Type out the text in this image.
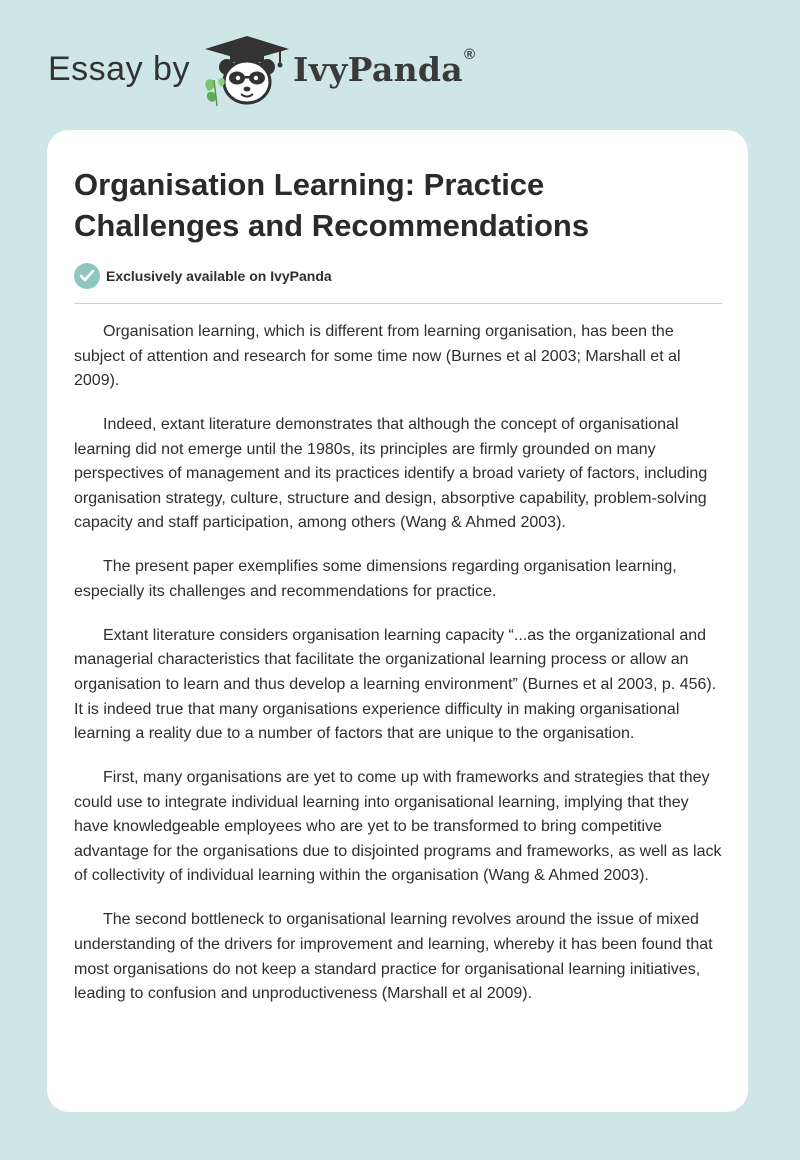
Essay by	IvyPanda®
Organisation Learning: Practice Challenges and Recommendations
Exclusively available on IvyPanda

Organisation learning, which is different from learning organisation, has been the subject of attention and research for some time now (Burnes et al 2003; Marshall et al 2009).

Indeed, extant literature demonstrates that although the concept of organisational learning did not emerge until the 1980s, its principles are firmly grounded on many perspectives of management and its practices identify a broad variety of factors, including organisation strategy, culture, structure and design, absorptive capability, problem-solving capacity and staff participation, among others (Wang & Ahmed 2003).

The present paper exemplifies some dimensions regarding organisation learning, especially its challenges and recommendations for practice.

Extant literature considers organisation learning capacity “...as the organizational and managerial characteristics that facilitate the organizational learning process or allow an organisation to learn and thus develop a learning environment” (Burnes et al 2003, p. 456). It is indeed true that many organisations experience difficulty in making organisational learning a reality due to a number of factors that are unique to the organisation.

First, many organisations are yet to come up with frameworks and strategies that they could use to integrate individual learning into organisational learning, implying that they have knowledgeable employees who are yet to be transformed to bring competitive advantage for the organisations due to disjointed programs and frameworks, as well as lack of collectivity of individual learning within the organisation (Wang & Ahmed 2003).

The second bottleneck to organisational learning revolves around the issue of mixed understanding of the drivers for improvement and learning, whereby it has been found that most organisations do not keep a standard practice for organisational learning initiatives, leading to confusion and unproductiveness (Marshall et al 2009).
